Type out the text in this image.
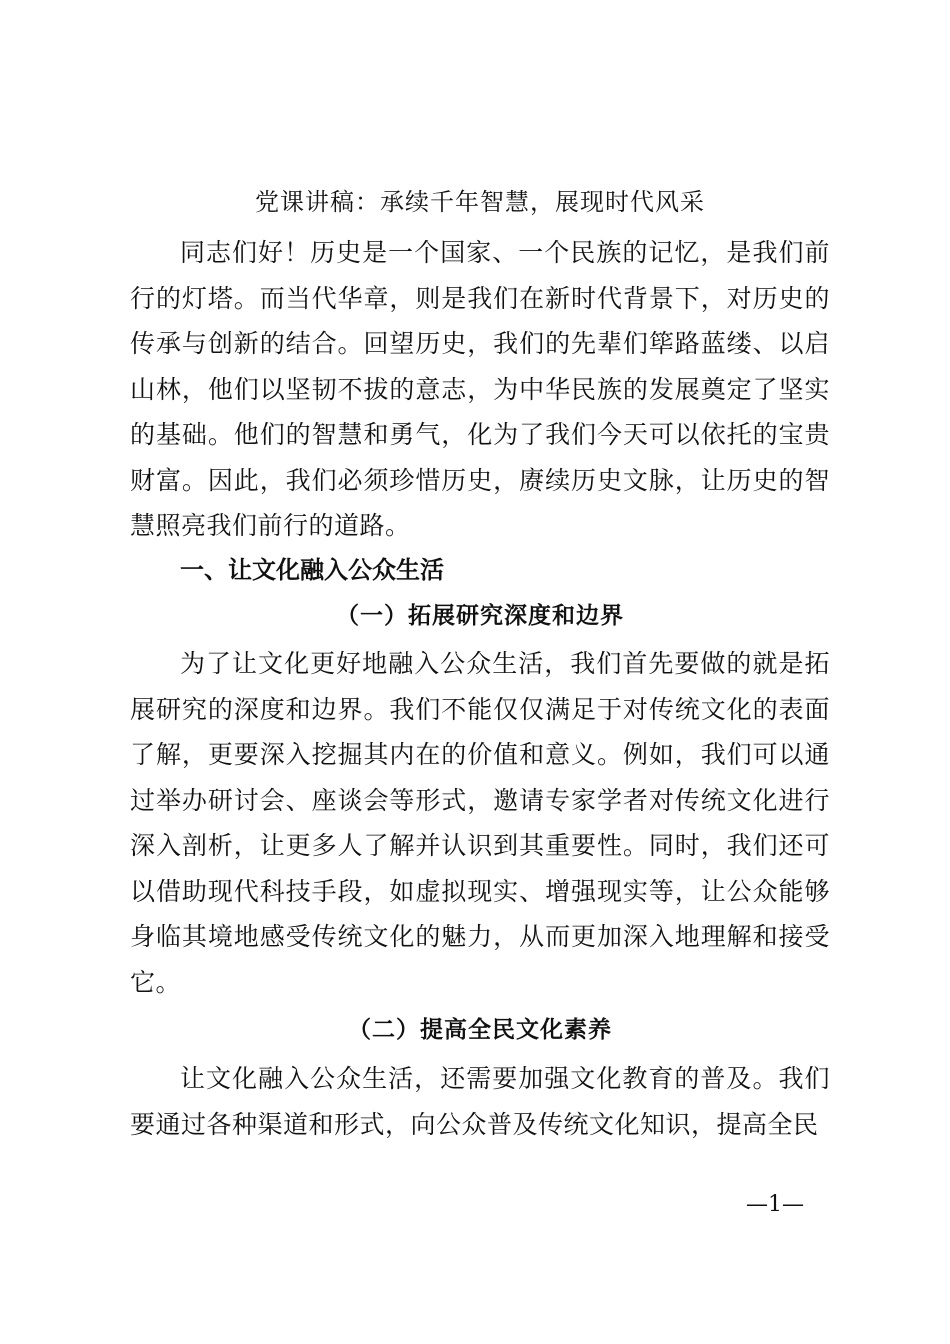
党课讲稿：承续千年智慧，展现时代风采

同志们好！历史是一个国家、一个民族的记忆，是我们前行的灯塔。而当代华章，则是我们在新时代背景下，对历史的传承与创新的结合。回望历史，我们的先辈们筚路蓝缕、以启山林，他们以坚韧不拔的意志，为中华民族的发展奠定了坚实的基础。他们的智慧和勇气，化为了我们今天可以依托的宝贵财富。因此，我们必须珍惜历史，赓续历史文脉，让历史的智慧照亮我们前行的道路。

一、让文化融入公众生活
（一）拓展研究深度和边界

为了让文化更好地融入公众生活，我们首先要做的就是拓展研究的深度和边界。我们不能仅仅满足于对传统文化的表面了解，更要深入挖掘其内在的价值和意义。例如，我们可以通过举办研讨会、座谈会等形式，邀请专家学者对传统文化进行深入剖析，让更多人了解并认识到其重要性。同时，我们还可以借助现代科技手段，如虚拟现实、增强现实等，让公众能够身临其境地感受传统文化的魅力，从而更加深入地理解和接受它。

（二）提高全民文化素养

让文化融入公众生活，还需要加强文化教育的普及。我们要通过各种渠道和形式，向公众普及传统文化知识，提高全民

—1—
